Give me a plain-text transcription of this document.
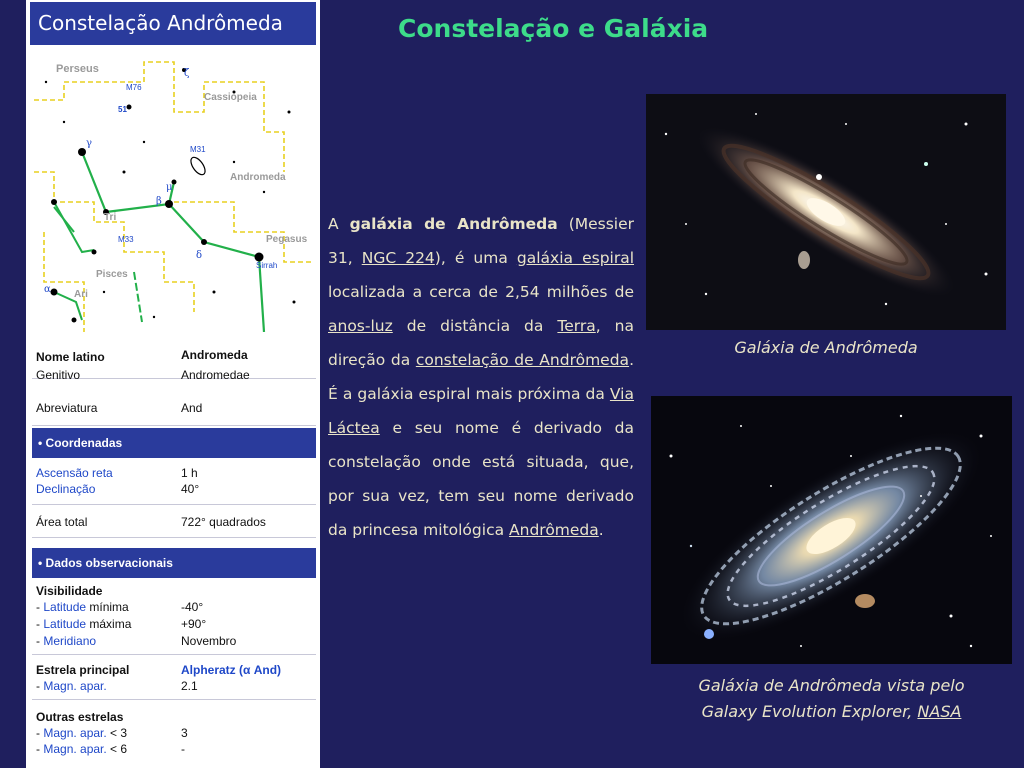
Constelação Andrômeda
Perseus
Cassiopeia
Andromeda
Pegasus
Tri
Pisces
Ari
M76
M31
M33
51
Sirrah
γ
β
μ
δ
α
ζ
Nome latino	Andromeda
Genitivo	Andromedae
Abreviatura	And
• Coordenadas
Ascensão reta	1 h
Declinação	40°
Área total	722° quadrados
• Dados observacionais
Visibilidade
- Latitude mínima	-40°
- Latitude máxima	+90°
- Meridiano	Novembro
Estrela principal	Alpheratz (α And)
- Magn. apar.	2.1
Outras estrelas
- Magn. apar. < 3	3
- Magn. apar. < 6	-
Constelação e Galáxia
A galáxia de Andrômeda (Messier 31, NGC 224), é uma galáxia espiral localizada a cerca de 2,54 milhões de anos-luz de distância da Terra, na direção da constelação de Andrômeda. É a galáxia espiral mais próxima da Via Láctea e seu nome é derivado da constelação onde está situada, que, por sua vez, tem seu nome derivado da princesa mitológica Andrômeda.
Galáxia de Andrômeda
Galáxia de Andrômeda vista pelo
Galaxy Evolution Explorer, NASA
